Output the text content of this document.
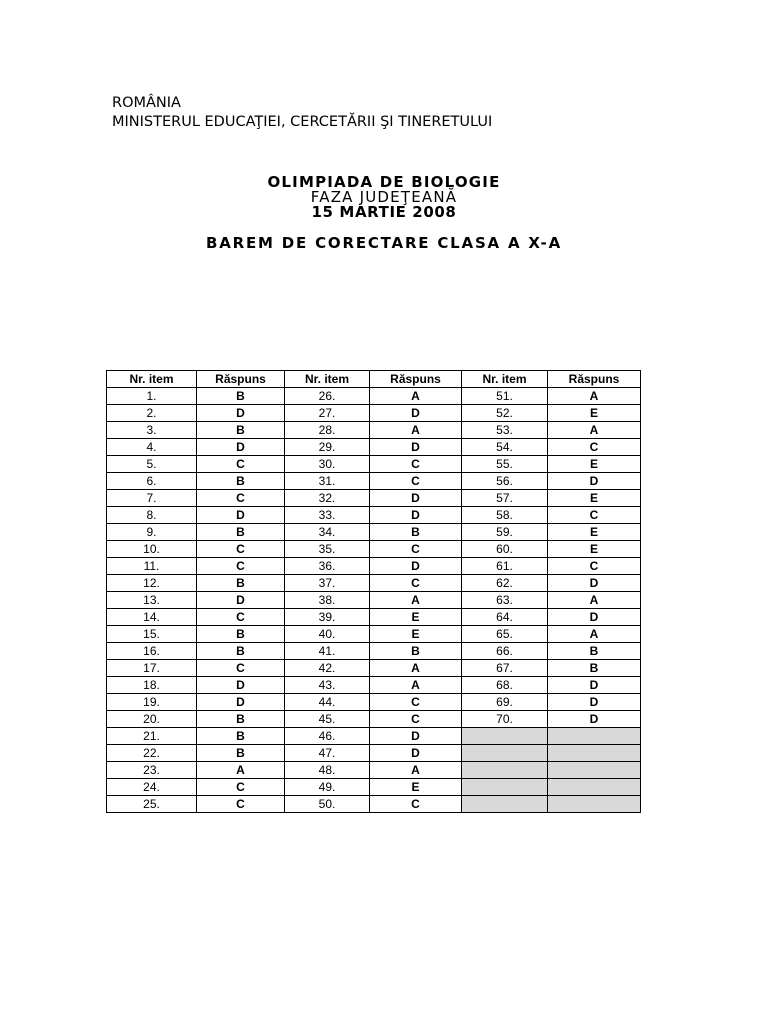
ROMÂNIA
MINISTERUL EDUCAŢIEI, CERCETĂRII ŞI TINERETULUI
OLIMPIADA DE BIOLOGIE
FAZA JUDEŢEANĂ
15 MARTIE 2008
BAREM DE CORECTARE CLASA A X-A
Nr. item	Răspuns	Nr. item	Răspuns	Nr. item	Răspuns
1.	B	26.	A	51.	A
2.	D	27.	D	52.	E
3.	B	28.	A	53.	A
4.	D	29.	D	54.	C
5.	C	30.	C	55.	E
6.	B	31.	C	56.	D
7.	C	32.	D	57.	E
8.	D	33.	D	58.	C
9.	B	34.	B	59.	E
10.	C	35.	C	60.	E
11.	C	36.	D	61.	C
12.	B	37.	C	62.	D
13.	D	38.	A	63.	A
14.	C	39.	E	64.	D
15.	B	40.	E	65.	A
16.	B	41.	B	66.	B
17.	C	42.	A	67.	B
18.	D	43.	A	68.	D
19.	D	44.	C	69.	D
20.	B	45.	C	70.	D
21.	B	46.	D		
22.	B	47.	D		
23.	A	48.	A		
24.	C	49.	E		
25.	C	50.	C		
